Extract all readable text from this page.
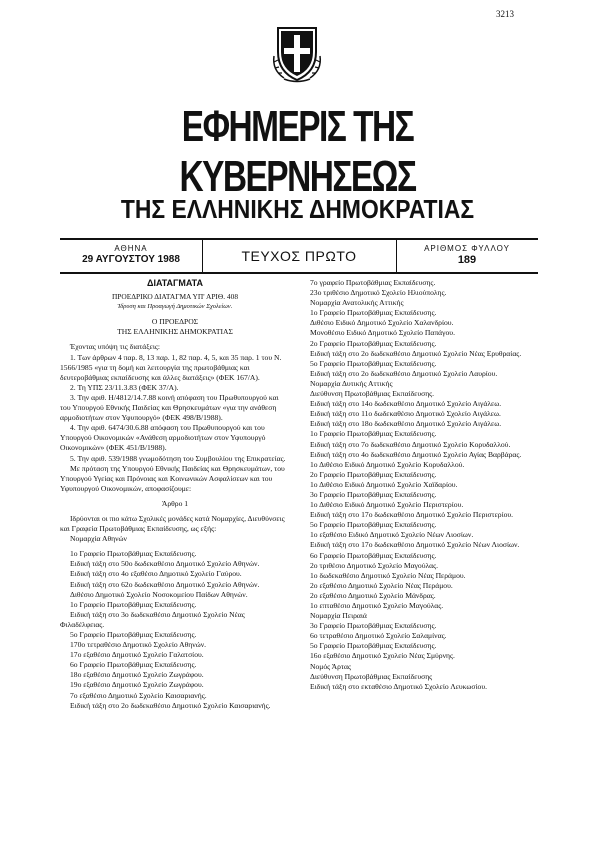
3213
ΕΦΗΜΕΡΙΣ ΤΗΣ ΚΥΒΕΡΝΗΣΕΩΣ
ΤΗΣ ΕΛΛΗΝΙΚΗΣ ΔΗΜΟΚΡΑΤΙΑΣ
ΑΘΗΝΑ
29 ΑΥΓΟΥΣΤΟΥ 1988	ΤΕΥΧΟΣ ΠΡΩΤΟ	ΑΡΙΘΜΟΣ ΦΥΛΛΟΥ
189

ΔΙΑΤΑΓΜΑΤΑ

ΠΡΟΕΔΡΙΚΟ ΔΙΑΤΑΓΜΑ ΥΠ' ΑΡΙΘ. 408

Ίδρυση και Προαγωγή Δημοτικών Σχολείων.

Ο ΠΡΟΕΔΡΟΣ

ΤΗΣ ΕΛΛΗΝΙΚΗΣ ΔΗΜΟΚΡΑΤΙΑΣ

Έχοντας υπόψη τις διατάξεις:

1. Των άρθρων 4 παρ. 8, 13 παρ. 1, 82 παρ. 4, 5, και 35 παρ. 1 του Ν. 1566/1985 «για τη δομή και λειτουργία της πρωτοβάθμιας και δευτεροβάθμιας εκπαίδευσης και άλλες διατάξεις» (ΦΕΚ 167/Α).

2. Τη ΥΠΣ 23/11.3.83 (ΦΕΚ 37/Α).

3. Την αριθ. Η/4812/14.7.88 κοινή απόφαση του Πρωθυπουργού και του Υπουργού Εθνικής Παιδείας και Θρησκευμάτων «για την ανάθεση αρμοδιοτήτων στον Υφυπουργό» (ΦΕΚ 498/Β/1988).

4. Την αριθ. 6474/30.6.88 απόφαση του Πρωθυπουργού και του Υπουργού Οικονομικών «Ανάθεση αρμοδιοτήτων στον Υφυπουργό Οικονομικών» (ΦΕΚ 451/Β/1988).

5. Την αριθ. 539/1988 γνωμοδότηση του Συμβουλίου της Επικρατείας.

Με πρόταση της Υπουργού Εθνικής Παιδείας και Θρησκευμάτων, του Υπουργού Υγείας και Πρόνοιας και Κοινωνικών Ασφαλίσεων και του Υφυπουργού Οικονομικών, αποφασίζουμε:

Άρθρο 1

Ιδρύονται οι πιο κάτω Σχολικές μονάδες κατά Νομαρχίες, Διευθύνσεις και Γραφεία Πρωτοβάθμιας Εκπαίδευσης, ως εξής:

Νομαρχία Αθηνών

1ο Γραφείο Πρωτοβάθμιας Εκπαίδευσης.

Ειδική τάξη στο 50ο δωδεκαθέσιο Δημοτικό Σχολείο Αθηνών.

Ειδική τάξη στο 4ο εξαθέσιο Δημοτικό Σχολείο Γαύρου.

Ειδική τάξη στο 62ο δωδεκαθέσιο Δημοτικό Σχολείο Αθηνών.

Διθέσιο Δημοτικό Σχολείο Νοσοκομείου Παίδων Αθηνών.

1ο Γραφείο Πρωτοβάθμιας Εκπαίδευσης.

Ειδική τάξη στο 3ο δωδεκαθέσιο Δημοτικό Σχολείο Νέας Φιλαδέλφειας.

5ο Γραφείο Πρωτοβάθμιας Εκπαίδευσης.

170ο τετραθέσιο Δημοτικό Σχολείο Αθηνών.

17ο εξαθέσιο Δημοτικό Σχολείο Γαλατσίου.

6ο Γραφείο Πρωτοβάθμιας Εκπαίδευσης.

18ο εξαθέσιο Δημοτικό Σχολείο Ζωγράφου.

19ο εξαθέσιο Δημοτικό Σχολείο Ζωγράφου.

7ο εξαθέσιο Δημοτικό Σχολείο Καισαριανής.

Ειδική τάξη στο 2ο δωδεκαθέσιο Δημοτικό Σχολείο Καισαριανής.

7ο γραφείο Πρωτοβάθμιας Εκπαίδευσης.

23ο τριθέσιο Δημοτικό Σχολείο Ηλιούπολης.

Νομαρχία Ανατολικής Αττικής

1ο Γραφείο Πρωτοβάθμιας Εκπαίδευσης.

Διθέσιο Ειδικό Δημοτικό Σχολείο Χαλανδρίου.

Μονοθέσιο Ειδικό Δημοτικό Σχολείο Παπάγου.

2ο Γραφείο Πρωτοβάθμιας Εκπαίδευσης.

Ειδική τάξη στο 2ο δωδεκαθέσιο Δημοτικό Σχολείο Νέας Ερυθραίας.

5ο Γραφείο Πρωτοβάθμιας Εκπαίδευσης.

Ειδική τάξη στο 2ο δωδεκαθέσιο Δημοτικό Σχολείο Λαυρίου.

Νομαρχία Δυτικής Αττικής

Διεύθυνση Πρωτοβάθμιας Εκπαίδευσης.

Ειδική τάξη στο 14ο δωδεκαθέσιο Δημοτικό Σχολείο Αιγάλεω.

Ειδική τάξη στο 11ο δωδεκαθέσιο Δημοτικό Σχολείο Αιγάλεω.

Ειδική τάξη στο 18ο δωδεκαθέσιο Δημοτικό Σχολείο Αιγάλεω.

1ο Γραφείο Πρωτοβάθμιας Εκπαίδευσης.

Ειδική τάξη στο 7ο δωδεκαθέσιο Δημοτικό Σχολείο Κορυδαλλού.

Ειδική τάξη στο 4ο δωδεκαθέσιο Δημοτικό Σχολείο Αγίας Βαρβάρας.

1ο Διθέσιο Ειδικό Δημοτικό Σχολείο Κορυδαλλού.

2ο Γραφείο Πρωτοβάθμιας Εκπαίδευσης.

1ο Διθέσιο Ειδικό Δημοτικό Σχολείο Χαϊδαρίου.

3ο Γραφείο Πρωτοβάθμιας Εκπαίδευσης.

1ο Διθέσιο Ειδικό Δημοτικό Σχολείο Περιστερίου.

Ειδική τάξη στο 17ο δωδεκαθέσιο Δημοτικό Σχολείο Περιστερίου.

5ο Γραφείο Πρωτοβάθμιας Εκπαίδευσης.

1ο εξαθέσιο Ειδικό Δημοτικό Σχολείο Νέων Λιοσίων.

Ειδική τάξη στο 17ο δωδεκαθέσιο Δημοτικό Σχολείο Νέων Λιοσίων.

6ο Γραφείο Πρωτοβάθμιας Εκπαίδευσης.

2ο τριθέσιο Δημοτικό Σχολείο Μαγούλας.

1ο δωδεκαθέσιο Δημοτικό Σχολείο Νέας Περάμου.

2ο εξαθέσιο Δημοτικό Σχολείο Νέας Περάμου.

2ο εξαθέσιο Δημοτικό Σχολείο Μάνδρας.

1ο επταθέσιο Δημοτικό Σχολείο Μαγούλας.

Νομαρχία Πειραιά

3ο Γραφείο Πρωτοβάθμιας Εκπαίδευσης.

6ο τετραθέσιο Δημοτικό Σχολείο Σαλαμίνας.

5ο Γραφείο Πρωτοβάθμιας Εκπαίδευσης.

16ο εξαθέσιο Δημοτικό Σχολείο Νέας Σμύρνης.

Νομός Άρτας

Διεύθυνση Πρωτοβάθμιας Εκπαίδευσης

Ειδική τάξη στο εκταθέσιο Δημοτικό Σχολείο Λευκωσίου.
